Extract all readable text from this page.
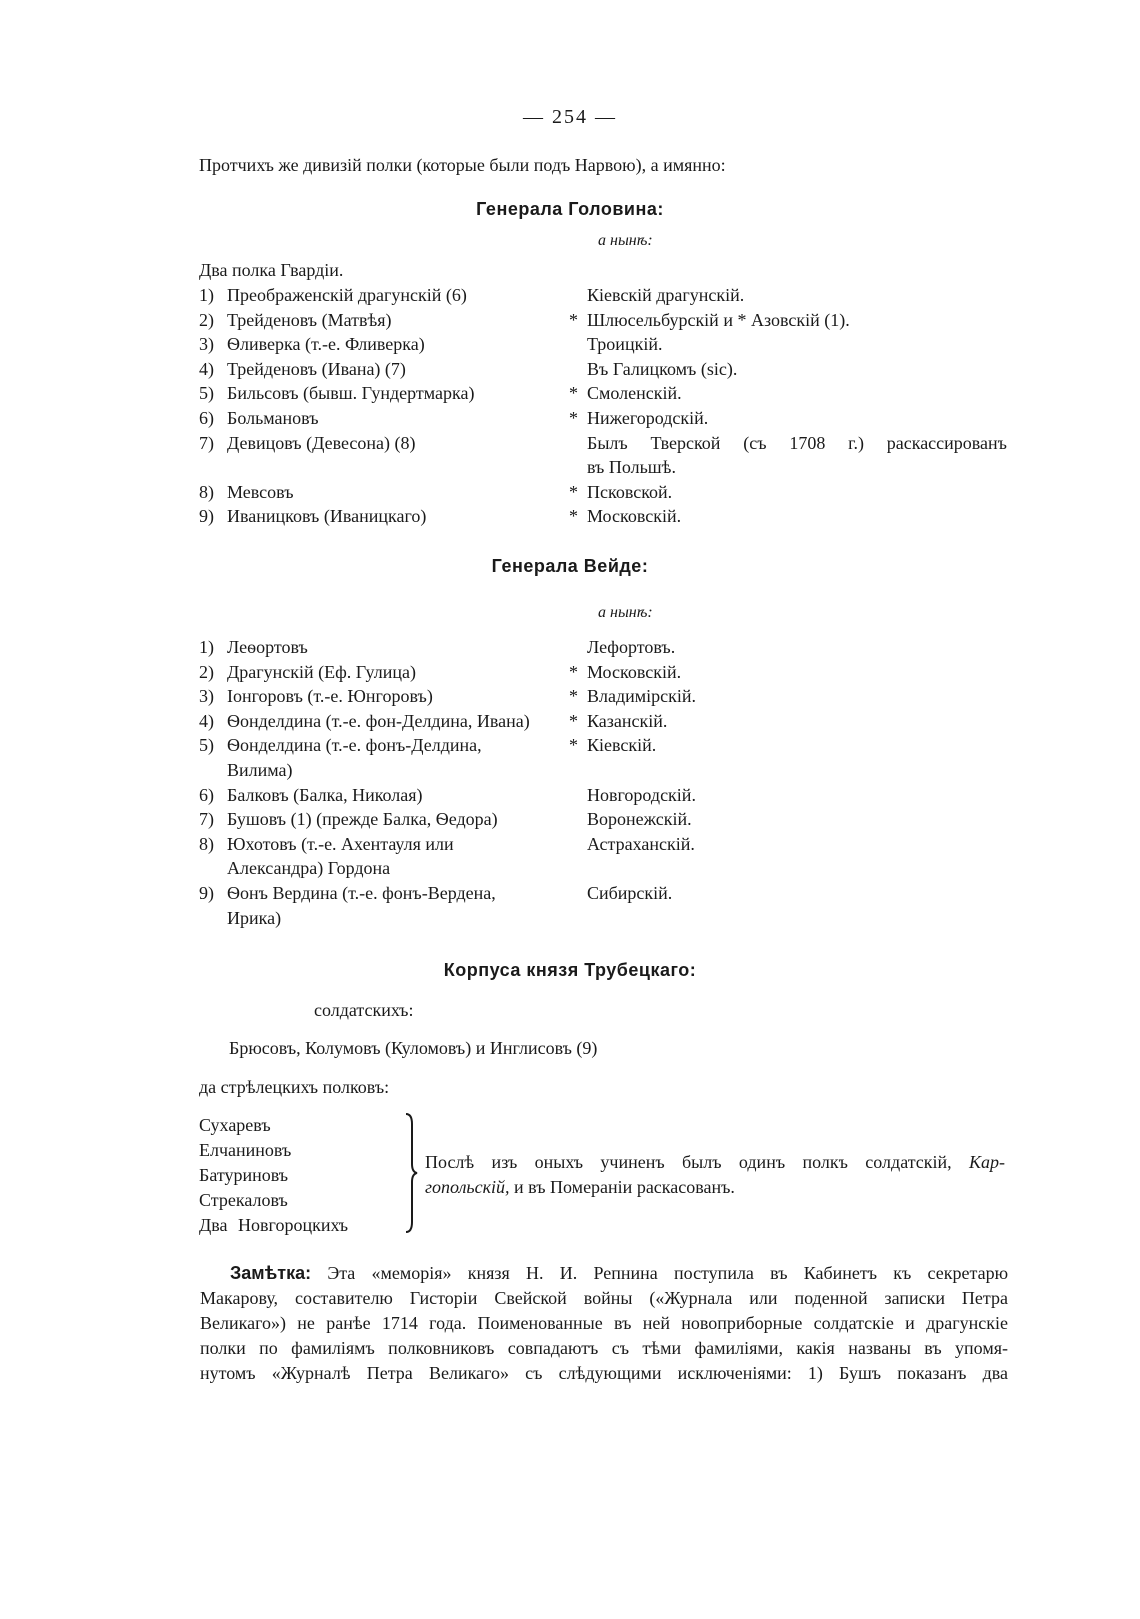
— 254 —
Протчихъ же дивизій полки (которые были подъ Нарвою), а имянно:
Генерала Головина:
а нынѣ:
Два полка Гвардіи.
1) Преображенскій драгунскій (6)	Кіевскій драгунскій.
2) Трейденовъ (Матвѣя)	* Шлюсельбурскій и * Азовскій (1).
3) Ѳливерка (т.-е. Фливерка)	Троицкій.
4) Трейденовъ (Ивана) (7)	Въ Галицкомъ (sic).
5) Бильсовъ (бывш. Гундертмарка)	* Смоленскій.
6) Больмановъ	* Нижегородскій.
7) Девицовъ (Девесона) (8)	Былъ Тверской (съ 1708 г.) раскассированъ
въ Польшѣ.
8) Мевсовъ	* Псковской.
9) Иваницковъ (Иваницкаго)	* Московскій.
Генерала Вейде:
а нынѣ:
1) Леѳортовъ	Лефортовъ.
2) Драгунскій (Еф. Гулица)	* Московскій.
3) Іонгоровъ (т.-е. Юнгоровъ)	* Владимірскій.
4) Ѳонделдина (т.-е. фон-Делдина, Ивана) * Казанскій.
5) Ѳонделдина (т.-е. фонъ-Делдина,	* Кіевскій.
Вилима)
6) Балковъ (Балка, Николая)	Новгородскій.
7) Бушовъ (1) (прежде Балка, Ѳедора)	Воронежскій.
8) Юхотовъ (т.-е. Ахентауля или	Астраханскій.
Александра) Гордона
9) Ѳонъ Вердина (т.-е. фонъ-Вердена,	Сибирскій.
Ирика)
Корпуса князя Трубецкаго:
солдатскихъ:
Брюсовъ, Колумовъ (Куломовъ) и Инглисовъ (9)
да стрѣлецкихъ полковъ:
Сухаревъ
Елчаниновъ
Батуриновъ
Стрекаловъ
Два Новгороцкихъ
Послѣ изъ оныхъ учиненъ былъ одинъ полкъ солдатскій, Кар-
гопольскій, и въ Помераніи раскасованъ.
Замѣтка: Эта «меморія» князя Н. И. Репнина поступила въ Кабинетъ къ секретарю
Макарову, составителю Гисторіи Свейской войны («Журнала или поденной записки Петра
Великаго») не ранѣе 1714 года. Поименованные въ ней новоприборные солдатскіе и драгунскіе
полки по фамиліямъ полковниковъ совпадаютъ съ тѣми фамиліями, какія названы въ упомя-
нутомъ «Журналѣ Петра Великаго» съ слѣдующими исключеніями: 1) Бушъ показанъ два
